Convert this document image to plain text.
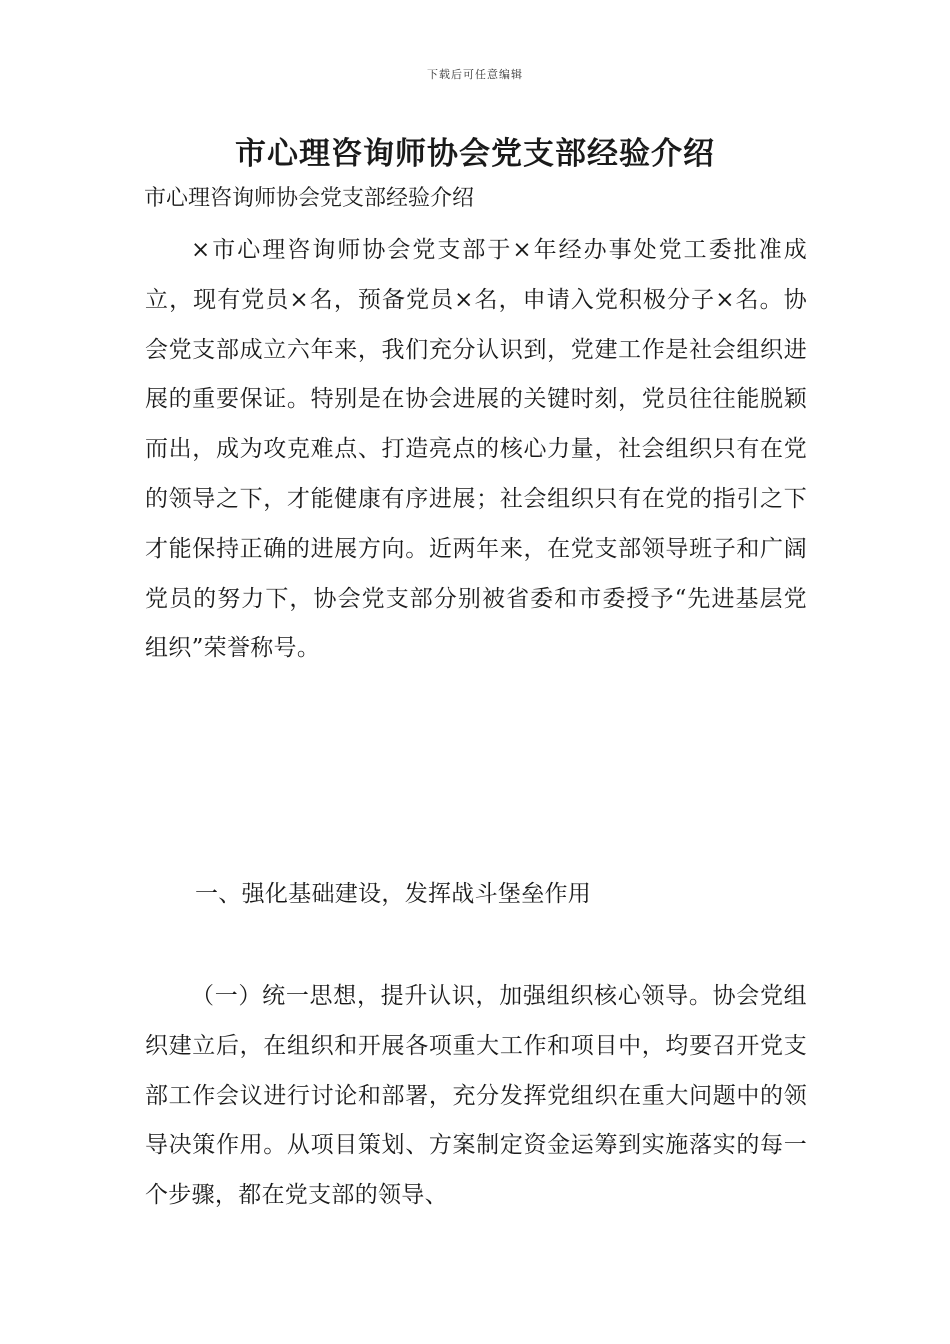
下载后可任意编辑
市心理咨询师协会党支部经验介绍

市心理咨询师协会党支部经验介绍

×市心理咨询师协会党支部于×年经办事处党工委批准成立，现有党员×名，预备党员×名，申请入党积极分子×名。协会党支部成立六年来，我们充分认识到，党建工作是社会组织进展的重要保证。特别是在协会进展的关键时刻，党员往往能脱颖而出，成为攻克难点、打造亮点的核心力量，社会组织只有在党的领导之下，才能健康有序进展；社会组织只有在党的指引之下才能保持正确的进展方向。近两年来，在党支部领导班子和广阔党员的努力下，协会党支部分别被省委和市委授予“先进基层党组织”荣誉称号。

一、强化基础建设，发挥战斗堡垒作用

（一）统一思想，提升认识，加强组织核心领导。协会党组织建立后，在组织和开展各项重大工作和项目中，均要召开党支部工作会议进行讨论和部署，充分发挥党组织在重大问题中的领导决策作用。从项目策划、方案制定资金运筹到实施落实的每一个步骤，都在党支部的领导、
